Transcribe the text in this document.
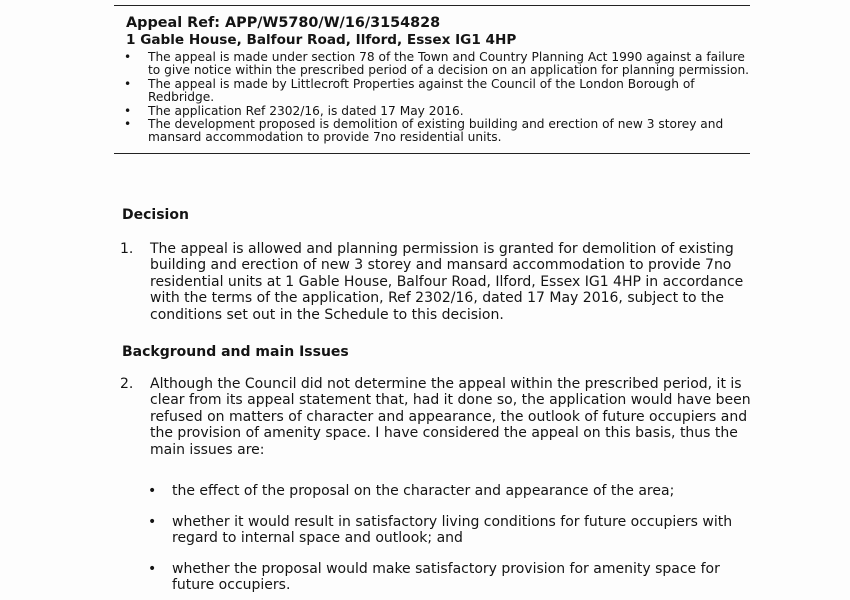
Appeal Ref: APP/W5780/W/16/3154828
1 Gable House, Balfour Road, Ilford, Essex IG1 4HP
• The appeal is made under section 78 of the Town and Country Planning Act 1990 against a failure to give notice within the prescribed period of a decision on an application for planning permission.
• The appeal is made by Littlecroft Properties against the Council of the London Borough of Redbridge.
• The application Ref 2302/16, is dated 17 May 2016.
• The development proposed is demolition of existing building and erection of new 3 storey and mansard accommodation to provide 7no residential units.
Decision
1. The appeal is allowed and planning permission is granted for demolition of existing building and erection of new 3 storey and mansard accommodation to provide 7no residential units at 1 Gable House, Balfour Road, Ilford, Essex IG1 4HP in accordance with the terms of the application, Ref 2302/16, dated 17 May 2016, subject to the conditions set out in the Schedule to this decision.
Background and main Issues
2. Although the Council did not determine the appeal within the prescribed period, it is clear from its appeal statement that, had it done so, the application would have been refused on matters of character and appearance, the outlook of future occupiers and the provision of amenity space. I have considered the appeal on this basis, thus the main issues are:
• the effect of the proposal on the character and appearance of the area;
• whether it would result in satisfactory living conditions for future occupiers with regard to internal space and outlook; and
• whether the proposal would make satisfactory provision for amenity space for future occupiers.
